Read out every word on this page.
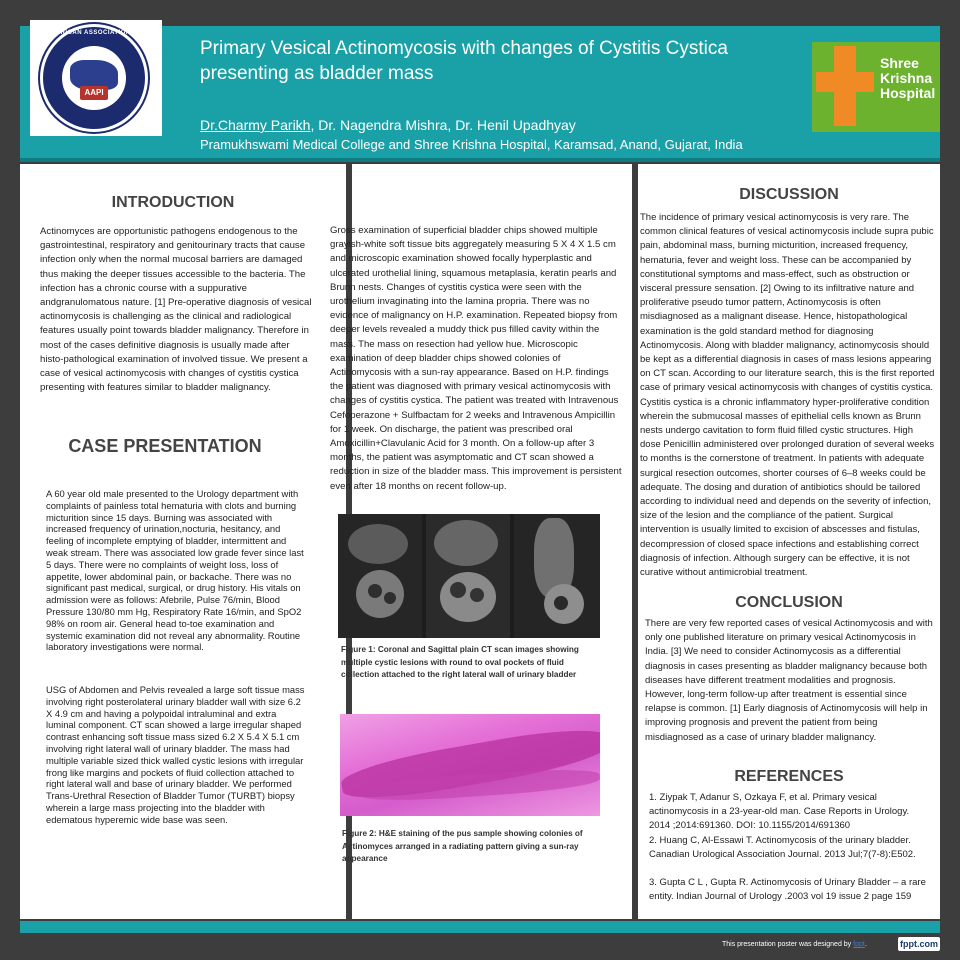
AMERICAN ASSOCIATION OF
AAPI
Primary Vesical Actinomycosis with changes of Cystitis Cystica presenting as bladder mass
Dr.Charmy Parikh, Dr. Nagendra Mishra, Dr. Henil Upadhyay
Pramukhswami Medical College and Shree Krishna Hospital, Karamsad, Anand, Gujarat, India
Shree
Krishna
Hospital
INTRODUCTION
Actinomyces are opportunistic pathogens endogenous to the gastrointestinal, respiratory and genitourinary tracts that cause infection only when the normal mucosal barriers are damaged thus making the deeper tissues accessible to the bacteria. The infection has a chronic course with a suppurative andgranulomatous nature. [1] Pre-operative diagnosis of vesical actinomycosis is challenging as the clinical and radiological features usually point towards bladder malignancy. Therefore in most of the cases definitive diagnosis is usually made after histo-pathological examination of involved tissue. We present a case of vesical actinomycosis with changes of cystitis cystica presenting with features similar to bladder malignancy.
CASE PRESENTATION
A 60 year old male presented to the Urology department with complaints of painless total hematuria with clots and burning micturition since 15 days. Burning was associated with increased frequency of urination,nocturia, hesitancy, and feeling of incomplete emptying of bladder, intermittent and weak stream. There was associated low grade fever since last 5 days. There were no complaints of weight loss, loss of appetite, lower abdominal pain, or backache. There was no significant past medical, surgical, or drug history. His vitals on admission were as follows: Afebrile, Pulse 76/min, Blood Pressure 130/80 mm Hg, Respiratory Rate 16/min, and SpO2 98% on room air. General head to-toe examination and systemic examination did not reveal any abnormality. Routine laboratory investigations were normal.
USG of Abdomen and Pelvis revealed a large soft tissue mass involving right posterolateral urinary bladder wall with size 6.2 X 4.9 cm and having a polypoidal intraluminal and extra luminal component. CT scan showed a large irregular shaped contrast enhancing soft tissue mass sized 6.2 X 5.4 X 5.1 cm involving right lateral wall of urinary bladder. The mass had multiple variable sized thick walled cystic lesions with irregular frong like margins and pockets of fluid collection attached to right lateral wall and base of urinary bladder. We performed Trans-Urethral Resection of Bladder Tumor (TURBT) biopsy wherein a large mass projecting into the bladder with edematous hyperemic wide base was seen.
Gross examination of superficial bladder chips showed multiple grayish-white soft tissue bits aggregately measuring 5 X 4 X 1.5 cm and microscopic examination showed focally hyperplastic and ulcerated urothelial lining, squamous metaplasia, keratin pearls and Brunn nests. Changes of cystitis cystica were seen with the urothelium invaginating into the lamina propria. There was no evidence of malignancy on H.P. examination. Repeated biopsy from deeper levels revealed a muddy thick pus filled cavity within the mass. The mass on resection had yellow hue. Microscopic examination of deep bladder chips showed colonies of Actinomycosis with a sun-ray appearance. Based on H.P. findings the patient was diagnosed with primary vesical actinomycosis with changes of cystitis cystica. The patient was treated with Intravenous Cefoperazone + Sulfbactam for 2 weeks and Intravenous Ampicillin for 1 week. On discharge, the patient was prescribed oral Amoxicillin+Clavulanic Acid for 3 month. On a follow-up after 3 months, the patient was asymptomatic and CT scan showed a reduction in size of the bladder mass. This improvement is persistent even after 18 months on recent follow-up.
Figure 1: Coronal and Sagittal plain CT scan images showing multiple cystic lesions with round to oval pockets of fluid collection attached to the right lateral wall of urinary bladder
Figure 2: H&E staining of the pus sample showing colonies of Actinomyces arranged in a radiating pattern giving a sun-ray appearance
DISCUSSION
The incidence of primary vesical actinomycosis is very rare. The common clinical features of vesical actinomycosis include supra pubic pain, abdominal mass, burning micturition, increased frequency, hematuria, fever and weight loss. These can be accompanied by constitutional symptoms and mass-effect, such as obstruction or visceral pressure sensation. [2] Owing to its infiltrative nature and proliferative pseudo tumor pattern, Actinomycosis is often misdiagnosed as a malignant disease. Hence, histopathological examination is the gold standard method for diagnosing Actinomycosis. Along with bladder malignancy, actinomycosis should be kept as a differential diagnosis in cases of mass lesions appearing on CT scan. According to our literature search, this is the first reported case of primary vesical actinomycosis with changes of cystitis cystica. Cystitis cystica is a chronic inflammatory hyper-proliferative condition wherein the submucosal masses of epithelial cells known as Brunn nests undergo cavitation to form fluid filled cystic structures. High dose Penicillin administered over prolonged duration of several weeks to months is the cornerstone of treatment. In patients with adequate surgical resection outcomes, shorter courses of 6–8 weeks could be adequate. The dosing and duration of antibiotics should be tailored according to individual need and depends on the severity of infection, size of the lesion and the compliance of the patient. Surgical intervention is usually limited to excision of abscesses and fistulas, decompression of closed space infections and establishing correct diagnosis of infection. Although surgery can be effective, it is not curative without antimicrobial treatment.
CONCLUSION
There are very few reported cases of vesical Actinomycosis and with only one published literature on primary vesical Actinomycosis in India. [3] We need to consider Actinomycosis as a differential diagnosis in cases presenting as bladder malignancy because both diseases have different treatment modalities and prognosis. However, long-term follow-up after treatment is essential since relapse is common. [1] Early diagnosis of Actinomycosis will help in improving prognosis and prevent the patient from being misdiagnosed as a case of urinary bladder malignancy.
REFERENCES
1. Ziypak T, Adanur S, Ozkaya F, et al. Primary vesical actinomycosis in a 23-year-old man. Case Reports in Urology. 2014 ;2014:691360. DOI: 10.1155/2014/691360
2. Huang C, Al-Essawi T. Actinomycosis of the urinary bladder. Canadian Urological Association Journal. 2013 Jul;7(7-8):E502.
3. Gupta C L , Gupta R. Actinomycosis of Urinary Bladder – a rare entity. Indian Journal of Urology .2003 vol 19 issue 2 page 159
This presentation poster was designed by fppt.	fppt.com
